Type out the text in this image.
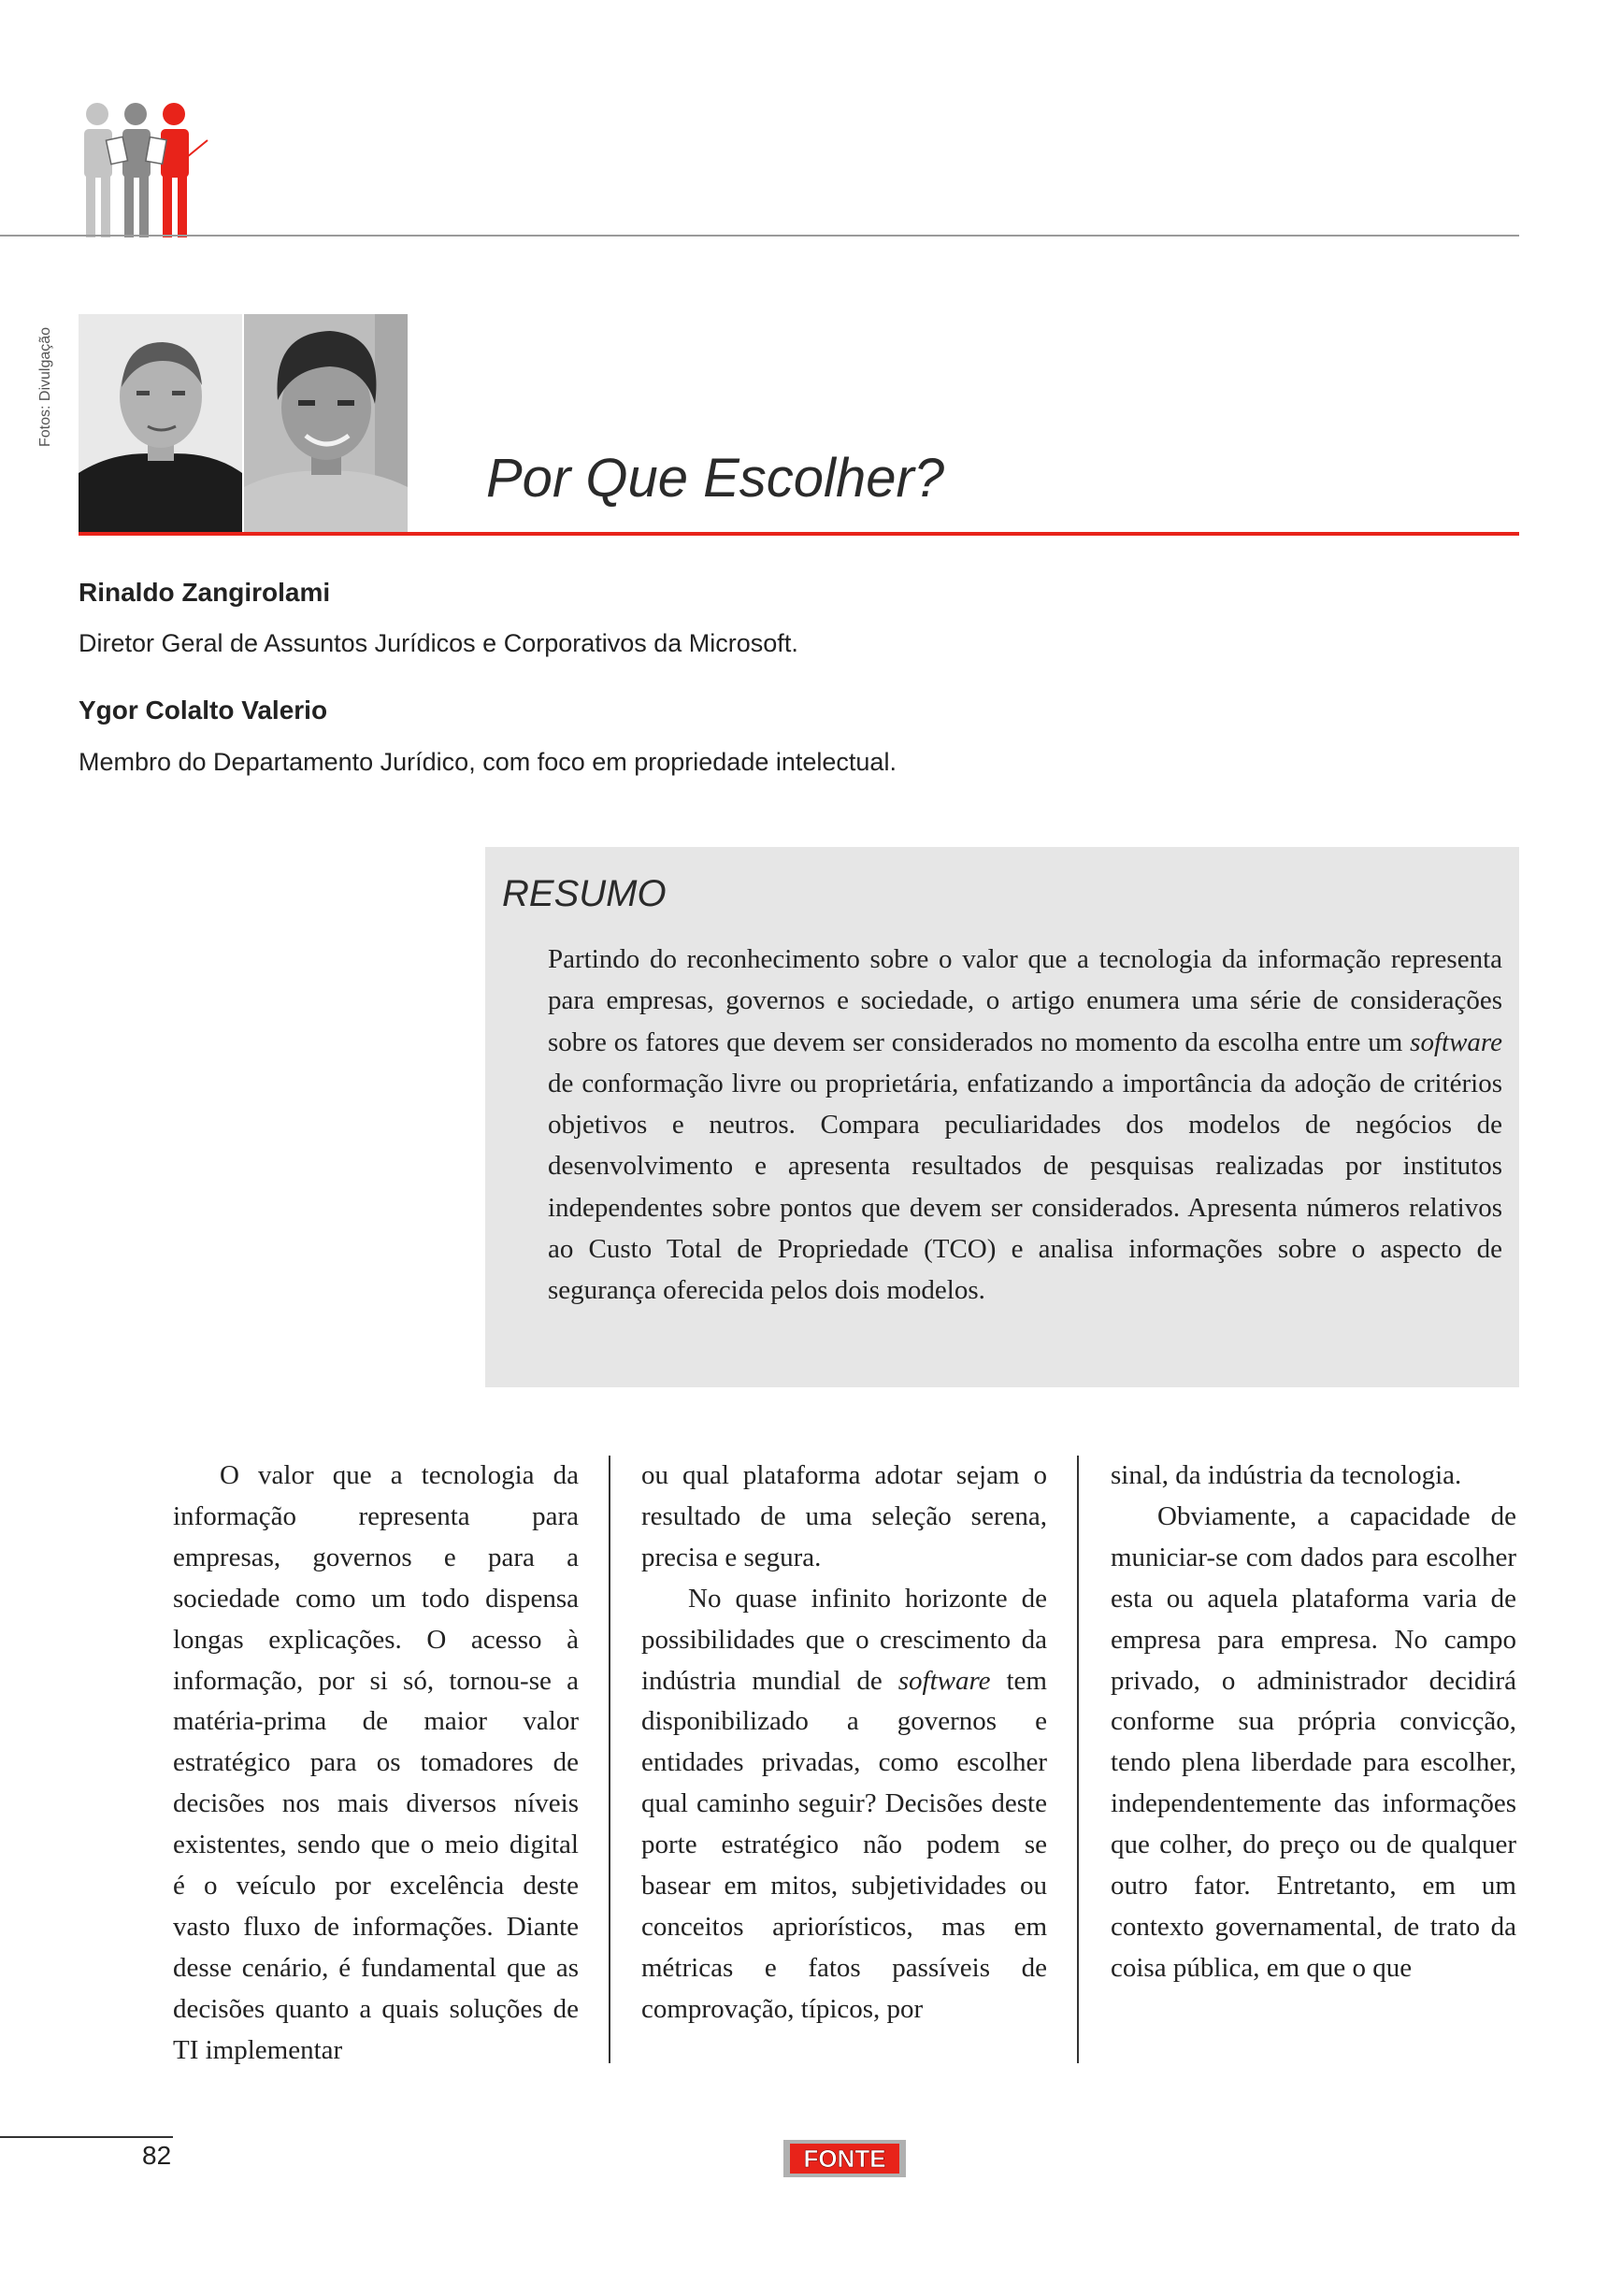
Fotos: Divulgação
Por Que Escolher?

Rinaldo Zangirolami

Diretor Geral de Assuntos Jurídicos e Corporativos da Microsoft.

Ygor Colalto Valerio

Membro do Departamento Jurídico, com foco em propriedade intelectual.

RESUMO

Partindo do reconhecimento sobre o valor que a tecnologia da informação representa para empresas, governos e sociedade, o artigo enumera uma série de considerações sobre os fatores que devem ser considerados no momento da escolha entre um software de conformação livre ou proprietária, enfatizando a importância da adoção de critérios objetivos e neutros. Compara peculiaridades dos modelos de negócios de desenvolvimento e apresenta resultados de pesquisas realizadas por institutos independentes sobre pontos que devem ser considerados. Apresenta números relativos ao Custo Total de Propriedade (TCO) e analisa informações sobre o aspecto de segurança oferecida pelos dois modelos.

O valor que a tecnologia da informação representa para empresas, governos e para a sociedade como um todo dispensa longas explicações. O acesso à informação, por si só, tornou-se a matéria-prima de maior valor estratégico para os tomadores de decisões nos mais diversos níveis existentes, sendo que o meio digital é o veículo por excelência deste vasto fluxo de informações. Diante desse cenário, é fundamental que as decisões quanto a quais soluções de TI implementar

ou qual plataforma adotar sejam o resultado de uma seleção serena, precisa e segura.

No quase infinito horizonte de possibilidades que o crescimento da indústria mundial de software tem disponibilizado a governos e entidades privadas, como escolher qual caminho seguir? Decisões deste porte estratégico não podem se basear em mitos, subjetividades ou conceitos apriorísticos, mas em métricas e fatos passíveis de comprovação, típicos, por

sinal, da indústria da tecnologia.

Obviamente, a capacidade de municiar-se com dados para escolher esta ou aquela plataforma varia de empresa para empresa. No campo privado, o administrador decidirá conforme sua própria convicção, tendo plena liberdade para escolher, independentemente das informações que colher, do preço ou de qualquer outro fator. Entretanto, em um contexto governamental, de trato da coisa pública, em que o que

82	FONTE
